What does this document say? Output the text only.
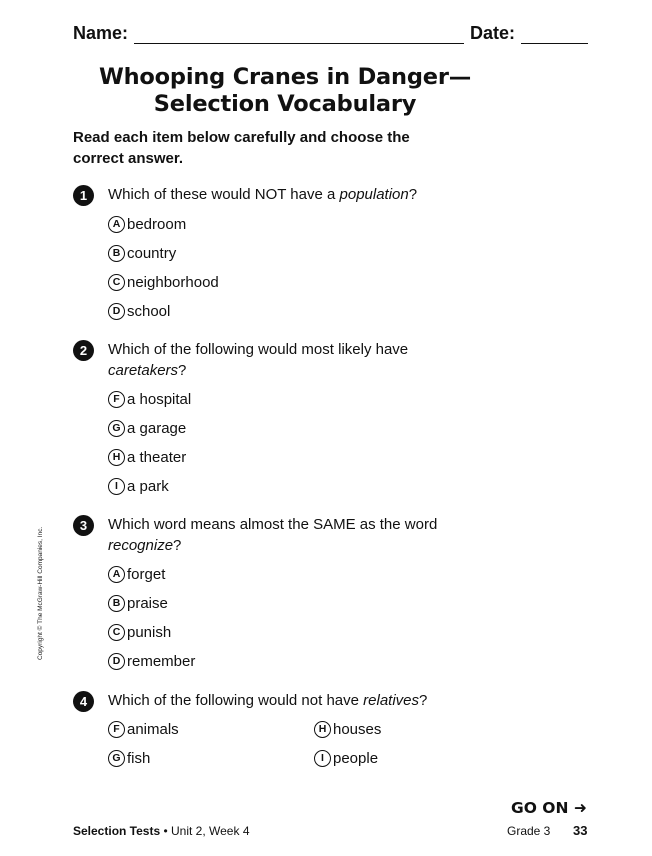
Name:	Date:
Whooping Cranes in Danger—
Selection Vocabulary
Read each item below carefully and choose the correct answer.
1	Which of these would NOT have a population?
A bedroom
B country
C neighborhood
D school
2	Which of the following would most likely have caretakers?
F a hospital
G a garage
H a theater
I a park
3	Which word means almost the SAME as the word recognize?
A forget
B praise
C punish
D remember
4	Which of the following would not have relatives?
F animals
G fish
H houses
I people
Copyright © The McGraw-Hill Companies, Inc.
GO ON ➜
Selection Tests • Unit 2, Week 4	Grade 3 33
